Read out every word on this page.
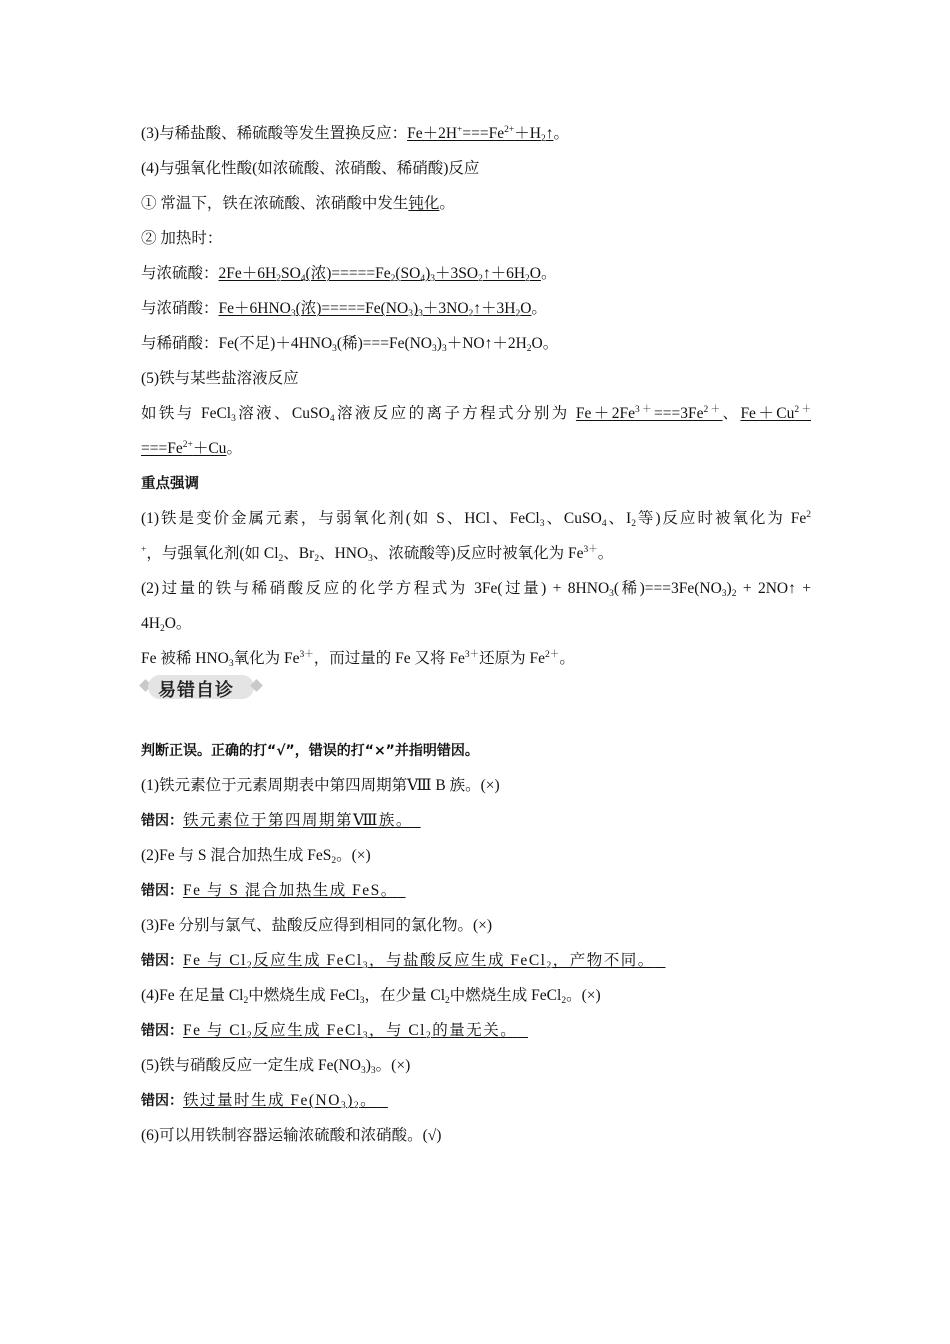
(3)与稀盐酸、稀硫酸等发生置换反应：$Fe+2H^+===Fe^{2+}+H_2↑$。
(4)与强氧化性酸(如浓硫酸、浓硝酸、稀硝酸)反应
① 常温下，铁在浓硫酸、浓硝酸中发生钝化。
② 加热时：
与浓硫酸：$2Fe+6H_2SO_4$(浓)$=====Fe_2(SO_4)_3+3SO_2↑+6H_2O$。
与浓硝酸：$Fe+6HNO_3$(浓)$=====Fe(NO_3)_3+3NO_2↑+3H_2O$。
与稀硝酸：Fe(不足)$+4HNO_3$(稀)$===Fe(NO_3)_3+NO↑+2H_2O$。
(5)铁与某些盐溶液反应
如铁与 FeCl$_3$溶液、CuSO$_4$溶液反应的离子方程式分别为 $Fe+2Fe^{3+}===3Fe^{2+}$、$Fe+Cu^{2+}$
$===Fe^{2+}+Cu$。
重点强调
(1)铁是变价金属元素，与弱氧化剂(如 S、HCl、FeCl$_3$、CuSO$_4$、$I_2$等)反应时被氧化为 Fe$^2$
+，与强氧化剂(如 $Cl_2$、$Br_2$、$HNO_3$、浓硫酸等)反应时被氧化为 $Fe^{3+}$。
(2)过量的铁与稀硝酸反应的化学方程式为 3Fe(过量) + $8HNO_3$(稀)$===3Fe(NO_3)_2$ + 2NO↑ +
$4H_2O$。
Fe 被稀 $HNO_3$氧化为 $Fe^{3+}$，而过量的 Fe 又将 $Fe^{3+}$还原为 $Fe^{2+}$。
易错自诊
判断正误。正确的打“√”，错误的打“×”并指明错因。
(1)铁元素位于元素周期表中第四周期第Ⅷ B 族。(×)
错因：铁元素位于第四周期第Ⅷ族。
(2)Fe 与 S 混合加热生成 FeS$_2$。(×)
错因：Fe 与 S 混合加热生成 FeS。
(3)Fe 分别与氯气、盐酸反应得到相同的氯化物。(×)
错因：Fe 与 $Cl_2$反应生成 FeCl$_3$，与盐酸反应生成 FeCl$_2$，产物不同。
(4)Fe 在足量 $Cl_2$中燃烧生成 FeCl$_3$，在少量 $Cl_2$中燃烧生成 FeCl$_2$。(×)
错因：Fe 与 $Cl_2$反应生成 FeCl$_3$，与 $Cl_2$的量无关。
(5)铁与硝酸反应一定生成 $Fe(NO_3)_3$。(×)
错因：铁过量时生成 $Fe(NO_3)_2$。
(6)可以用铁制容器运输浓硫酸和浓硝酸。(√)
